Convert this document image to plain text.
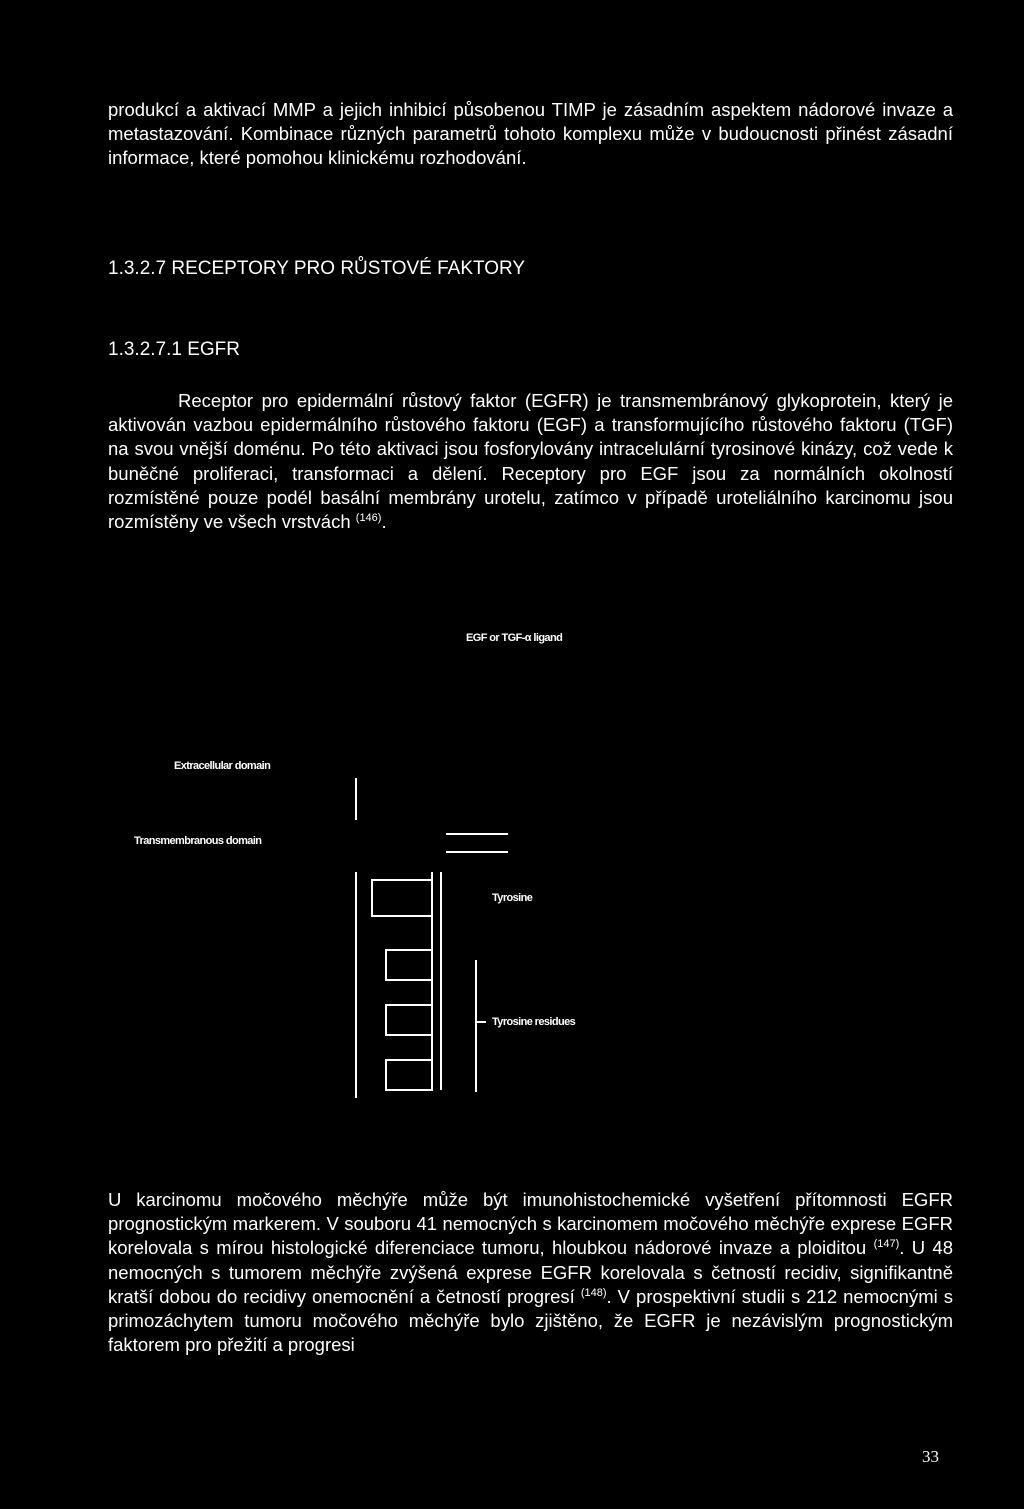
produkcí a aktivací MMP a jejich inhibicí působenou TIMP je zásadním aspektem nádorové invaze a metastazování. Kombinace různých parametrů tohoto komplexu může v budoucnosti přinést zásadní informace, které pomohou klinickému rozhodování.

1.3.2.7 RECEPTORY PRO RŮSTOVÉ FAKTORY
1.3.2.7.1 EGFR

Receptor pro epidermální růstový faktor (EGFR) je transmembránový glykoprotein, který je aktivován vazbou epidermálního růstového faktoru (EGF) a transformujícího růstového faktoru (TGF) na svou vnější doménu. Po této aktivaci jsou fosforylovány intracelulární tyrosinové kinázy, což vede k buněčné proliferaci, transformaci a dělení. Receptory pro EGF jsou za normálních okolností rozmístěné pouze podél basální membrány urotelu, zatímco v případě uroteliálního karcinomu jsou rozmístěny ve všech vrstvách $^{(146)}$.

EGF or TGF-α ligand
Extracellular domain
Transmembranous domain
Tyrosine
Tyrosine residues

U karcinomu močového měchýře může být imunohistochemické vyšetření přítomnosti EGFR prognostickým markerem. V souboru 41 nemocných s karcinomem močového měchýře exprese EGFR korelovala s mírou histologické diferenciace tumoru, hloubkou nádorové invaze a ploiditou $^{(147)}$. U 48 nemocných s tumorem měchýře zvýšená exprese EGFR korelovala s četností recidiv, signifikantně kratší dobou do recidivy onemocnění a četností progresí $^{(148)}$. V prospektivní studii s 212 nemocnými s primozáchytem tumoru močového měchýře bylo zjištěno, že EGFR je nezávislým prognostickým faktorem pro přežití a progresi

33
